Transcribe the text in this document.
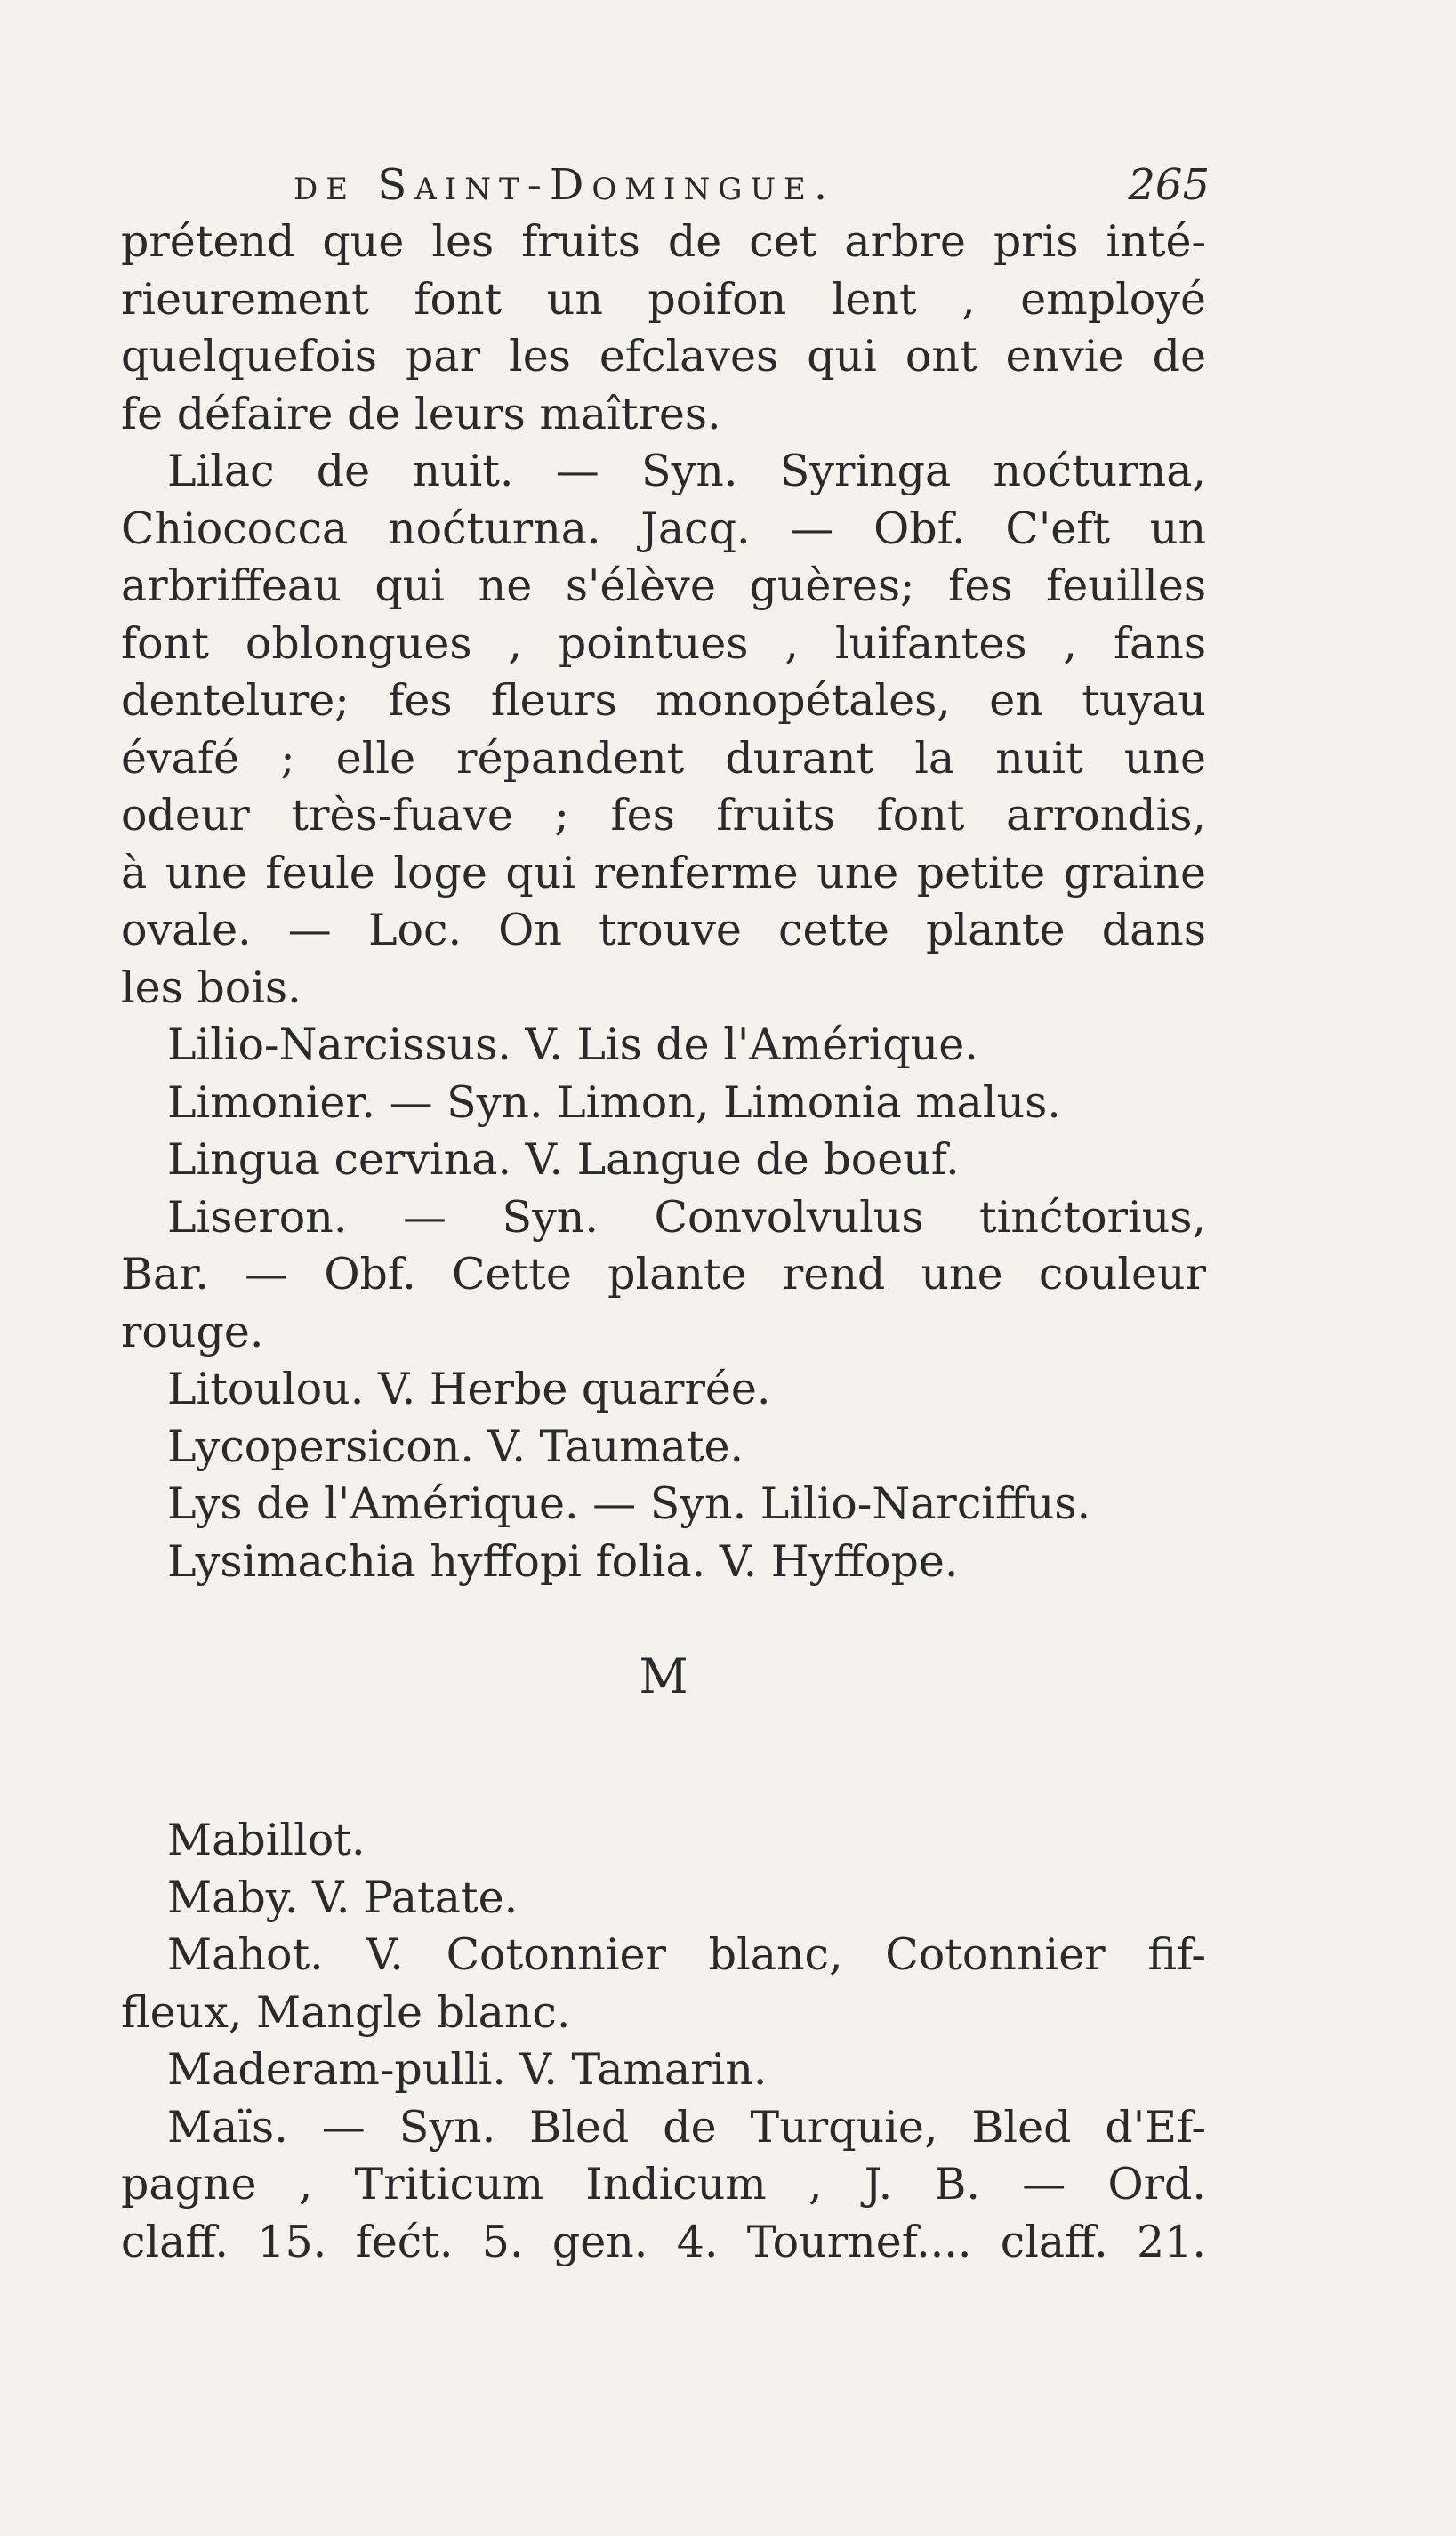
de Saint-Domingue.	265
prétend que les fruits de cet arbre pris inté-
rieurement font un poifon lent , employé
quelquefois par les efclaves qui ont envie de
fe défaire de leurs maîtres.
Lilac de nuit. — Syn. Syringa noćturna,
Chiococca noćturna. Jacq. — Obf. C'eft un
arbriffeau qui ne s'élève guères; fes feuilles
font oblongues , pointues , luifantes , fans
dentelure; fes fleurs monopétales, en tuyau
évafé ; elle répandent durant la nuit une
odeur très-fuave ; fes fruits font arrondis,
à une feule loge qui renferme une petite graine
ovale. — Loc. On trouve cette plante dans
les bois.
Lilio-Narcissus. V. Lis de l'Amérique.
Limonier. — Syn. Limon, Limonia malus.
Lingua cervina. V. Langue de boeuf.
Liseron. — Syn. Convolvulus tinćtorius,
Bar. — Obf. Cette plante rend une couleur
rouge.
Litoulou. V. Herbe quarrée.
Lycopersicon. V. Taumate.
Lys de l'Amérique. — Syn. Lilio-Narciffus.
Lysimachia hyffopi folia. V. Hyffope.
M
Mabillot.
Maby. V. Patate.
Mahot. V. Cotonnier blanc, Cotonnier fif-
fleux, Mangle blanc.
Maderam-pulli. V. Tamarin.
Maïs. — Syn. Bled de Turquie, Bled d'Ef-
pagne , Triticum Indicum , J. B. — Ord.
claff. 15. fećt. 5. gen. 4. Tournef.... claff. 21.
